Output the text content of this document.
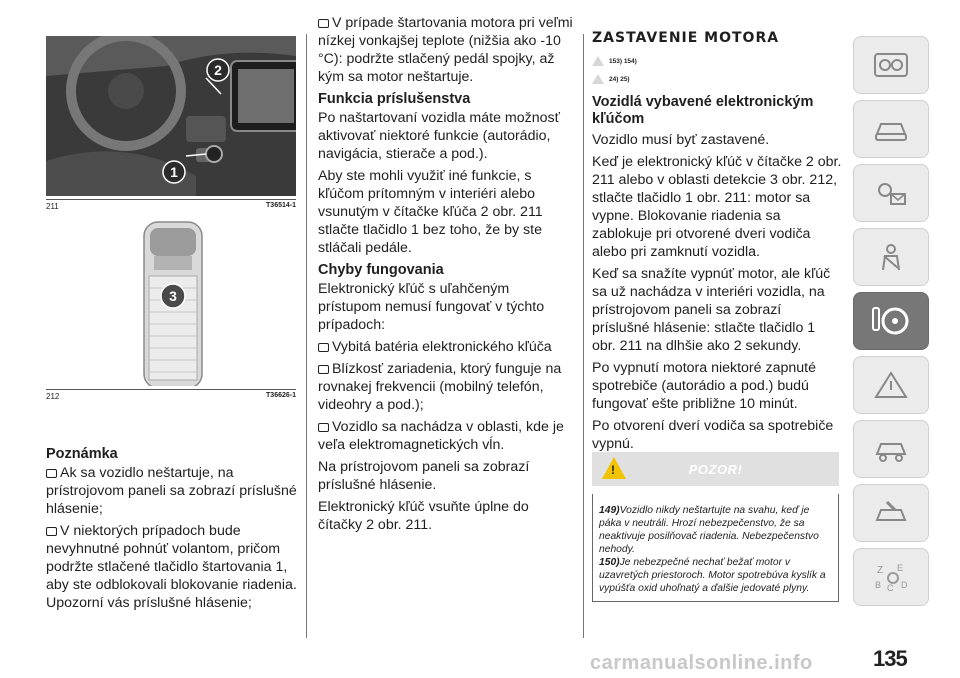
2
1
211	T36514-1
3
212	T36626-1
Poznámka
Ak sa vozidlo neštartuje, na prístrojovom paneli sa zobrazí príslušné hlásenie;
V niektorých prípadoch bude nevyhnutné pohnúť volantom, pričom podržte stlačené tlačidlo štartovania 1, aby ste odblokovali blokovanie riadenia. Upozorní vás príslušné hlásenie;
V prípade štartovania motora pri veľmi nízkej vonkajšej teplote (nižšia ako -10 °C): podržte stlačený pedál spojky, až kým sa motor neštartuje.
Funkcia príslušenstva
Po naštartovaní vozidla máte možnosť aktivovať niektoré funkcie (autorádio, navigácia, stierače a pod.).
Aby ste mohli využiť iné funkcie, s kľúčom prítomným v interiéri alebo vsunutým v čítačke kľúča 2 obr. 211 stlačte tlačidlo 1 bez toho, že by ste stláčali pedále.
Chyby fungovania
Elektronický kľúč s uľahčeným prístupom nemusí fungovať v týchto prípadoch:
Vybitá batéria elektronického kľúča
Blízkosť zariadenia, ktorý funguje na rovnakej frekvencii (mobilný telefón, videohry a pod.);
Vozidlo sa nachádza v oblasti, kde je veľa elektromagnetických vĺn.
Na prístrojovom paneli sa zobrazí príslušné hlásenie.
Elektronický kľúč vsuňte úplne do čítačky 2 obr. 211.
ZASTAVENIE MOTORA
153) 154)
24) 25)
Vozidlá vybavené elektronickým kľúčom
Vozidlo musí byť zastavené.
Keď je elektronický kľúč v čítačke 2 obr. 211 alebo v oblasti detekcie 3 obr. 212, stlačte tlačidlo 1 obr. 211: motor sa vypne. Blokovanie riadenia sa zablokuje pri otvorené dveri vodiča alebo pri zamknutí vozidla.
Keď sa snažíte vypnúť motor, ale kľúč sa už nachádza v interiéri vozidla, na prístrojovom paneli sa zobrazí príslušné hlásenie: stlačte tlačidlo 1 obr. 211 na dlhšie ako 2 sekundy.
Po vypnutí motora niektoré zapnuté spotrebiče (autorádio a pod.) budú fungovať ešte približne 10 minút.
Po otvorení dverí vodiča sa spotrebiče vypnú.
!	POZOR!
149)Vozidlo nikdy neštartujte na svahu, keď je páka v neutráli. Hrozí nebezpečenstvo, že sa neaktivuje posilňovač riadenia. Nebezpečenstvo nehody.
150)Je nebezpečné nechať bežať motor v uzavretých priestoroch. Motor spotrebúva kyslík a vypúšťa oxid uhoľnatý a ďalšie jedovaté plyny.
Z E
B C D
135
carmanualsonline.info
